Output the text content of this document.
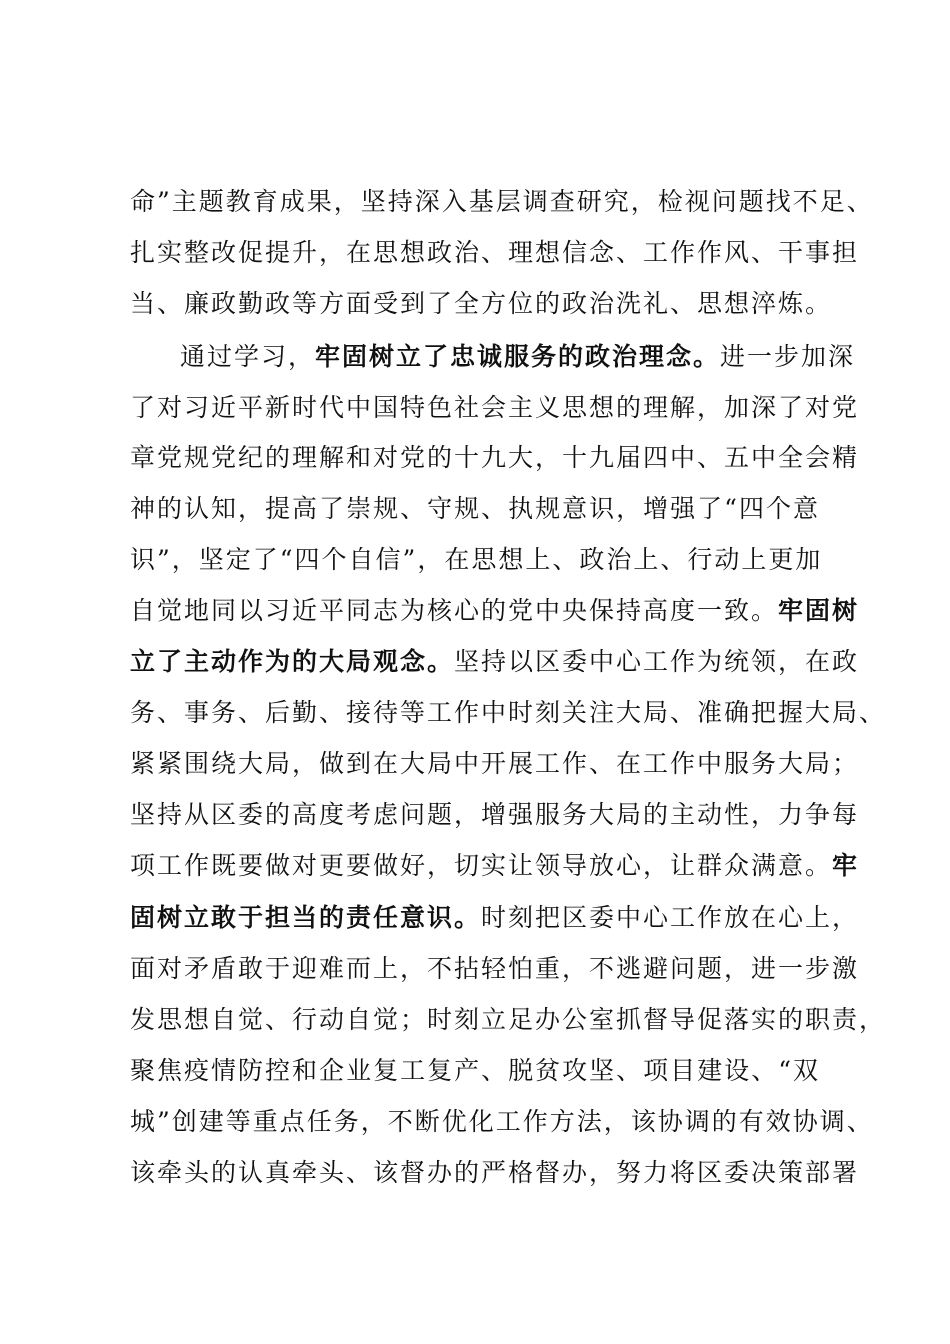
命”主题教育成果，坚持深入基层调查研究，检视问题找不足、
扎实整改促提升，在思想政治、理想信念、工作作风、干事担
当、廉政勤政等方面受到了全方位的政治洗礼、思想淬炼。
通过学习，牢固树立了忠诚服务的政治理念。进一步加深
了对习近平新时代中国特色社会主义思想的理解，加深了对党
章党规党纪的理解和对党的十九大，十九届四中、五中全会精
神的认知，提高了崇规、守规、执规意识，增强了“四个意
识”，坚定了“四个自信”，在思想上、政治上、行动上更加
自觉地同以习近平同志为核心的党中央保持高度一致。牢固树
立了主动作为的大局观念。坚持以区委中心工作为统领，在政
务、事务、后勤、接待等工作中时刻关注大局、准确把握大局、
紧紧围绕大局，做到在大局中开展工作、在工作中服务大局；
坚持从区委的高度考虑问题，增强服务大局的主动性，力争每
项工作既要做对更要做好，切实让领导放心，让群众满意。牢
固树立敢于担当的责任意识。时刻把区委中心工作放在心上，
面对矛盾敢于迎难而上，不拈轻怕重，不逃避问题，进一步激
发思想自觉、行动自觉；时刻立足办公室抓督导促落实的职责，
聚焦疫情防控和企业复工复产、脱贫攻坚、项目建设、“双
城”创建等重点任务，不断优化工作方法，该协调的有效协调、
该牵头的认真牵头、该督办的严格督办，努力将区委决策部署
